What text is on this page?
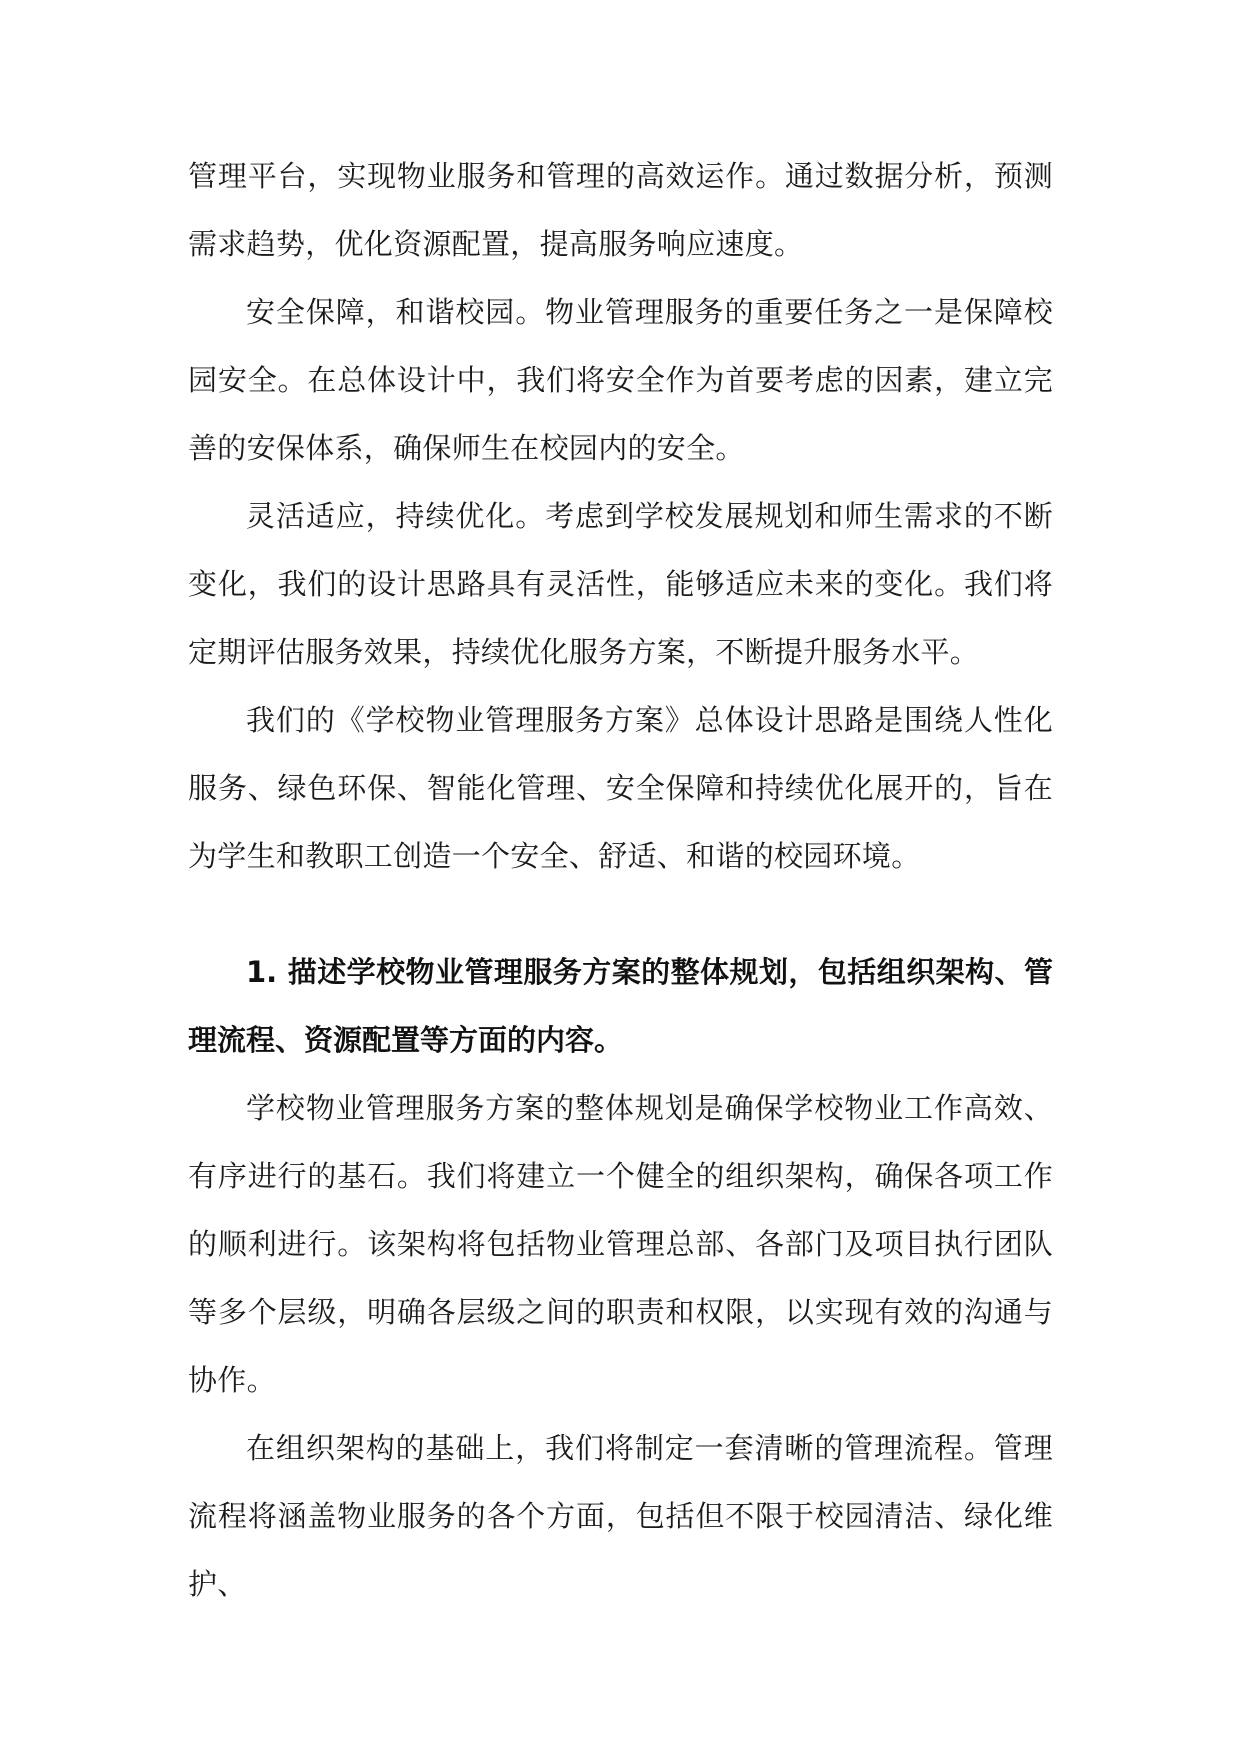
管理平台，实现物业服务和管理的高效运作。通过数据分析，预测需求趋势，优化资源配置，提高服务响应速度。

安全保障，和谐校园。物业管理服务的重要任务之一是保障校园安全。在总体设计中，我们将安全作为首要考虑的因素，建立完善的安保体系，确保师生在校园内的安全。

灵活适应，持续优化。考虑到学校发展规划和师生需求的不断变化，我们的设计思路具有灵活性，能够适应未来的变化。我们将定期评估服务效果，持续优化服务方案，不断提升服务水平。

我们的《学校物业管理服务方案》总体设计思路是围绕人性化服务、绿色环保、智能化管理、安全保障和持续优化展开的，旨在为学生和教职工创造一个安全、舒适、和谐的校园环境。

1. 描述学校物业管理服务方案的整体规划，包括组织架构、管理流程、资源配置等方面的内容。

学校物业管理服务方案的整体规划是确保学校物业工作高效、有序进行的基石。我们将建立一个健全的组织架构，确保各项工作的顺利进行。该架构将包括物业管理总部、各部门及项目执行团队等多个层级，明确各层级之间的职责和权限，以实现有效的沟通与协作。

在组织架构的基础上，我们将制定一套清晰的管理流程。管理流程将涵盖物业服务的各个方面，包括但不限于校园清洁、绿化维护、
